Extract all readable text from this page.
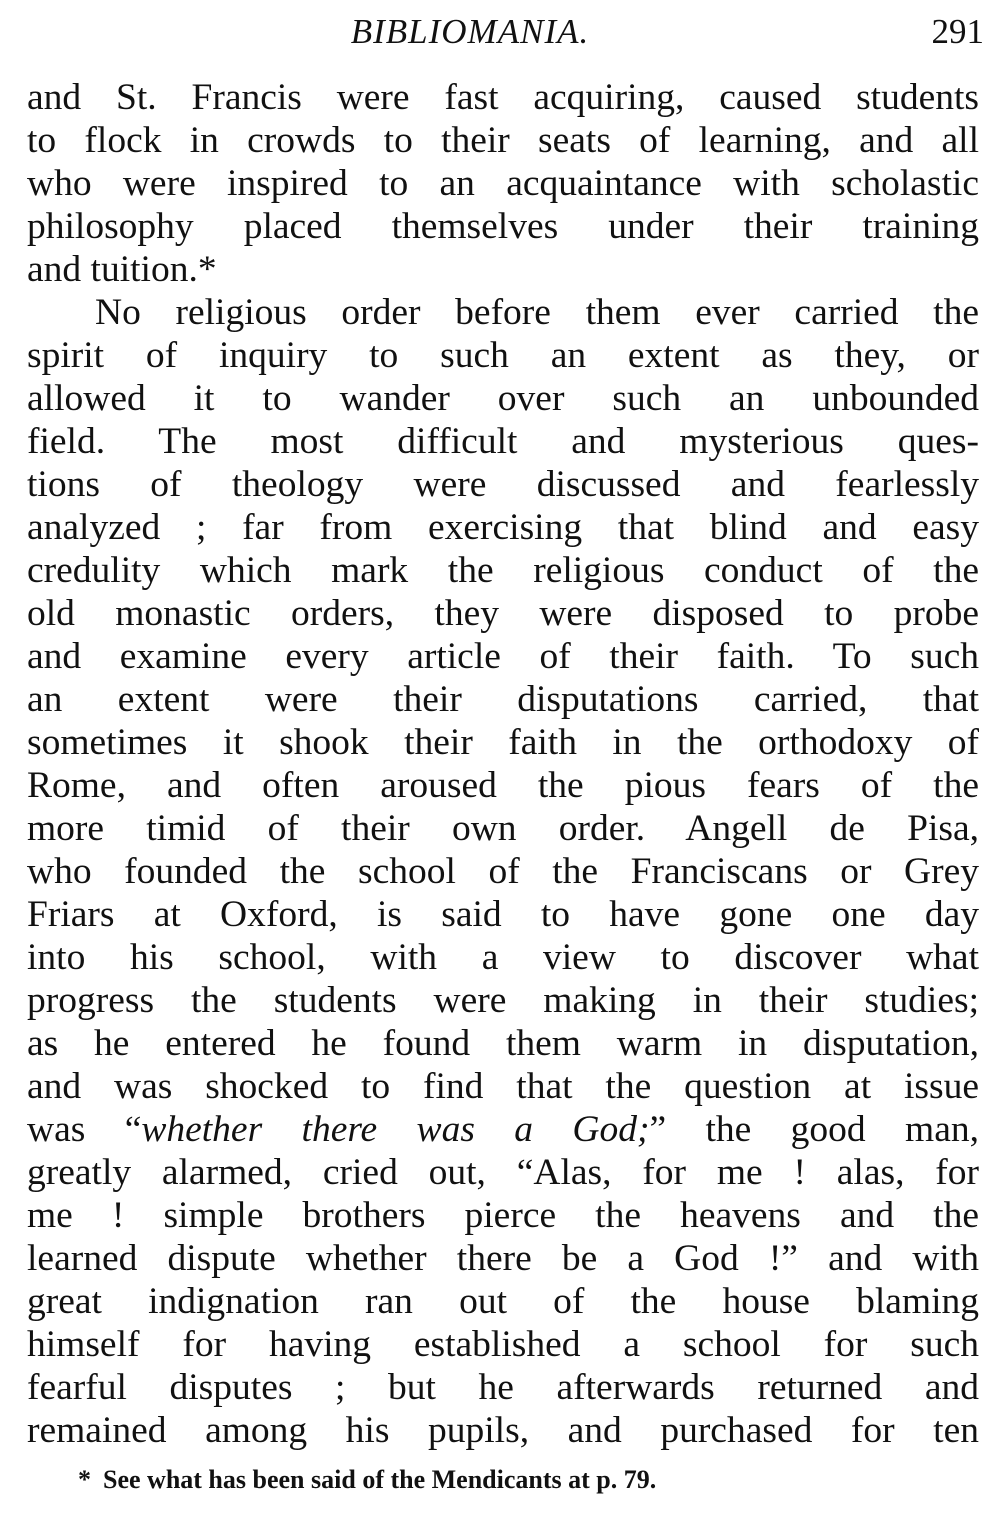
BIBLIOMANIA.	291
and St. Francis were fast acquiring, caused students
to flock in crowds to their seats of learning, and all
who were inspired to an acquaintance with scholastic
philosophy placed themselves under their training
and tuition.*
No religious order before them ever carried the
spirit of inquiry to such an extent as they, or
allowed it to wander over such an unbounded
field. The most difficult and mysterious ques-
tions of theology were discussed and fearlessly
analyzed ; far from exercising that blind and easy
credulity which mark the religious conduct of the
old monastic orders, they were disposed to probe
and examine every article of their faith. To such
an extent were their disputations carried, that
sometimes it shook their faith in the orthodoxy of
Rome, and often aroused the pious fears of the
more timid of their own order. Angell de Pisa,
who founded the school of the Franciscans or Grey
Friars at Oxford, is said to have gone one day
into his school, with a view to discover what
progress the students were making in their studies;
as he entered he found them warm in disputation,
and was shocked to find that the question at issue
was “whether there was a God;” the good man,
greatly alarmed, cried out, “Alas, for me ! alas, for
me ! simple brothers pierce the heavens and the
learned dispute whether there be a God !” and with
great indignation ran out of the house blaming
himself for having established a school for such
fearful disputes ; but he afterwards returned and
remained among his pupils, and purchased for ten
* See what has been said of the Mendicants at p. 79.
